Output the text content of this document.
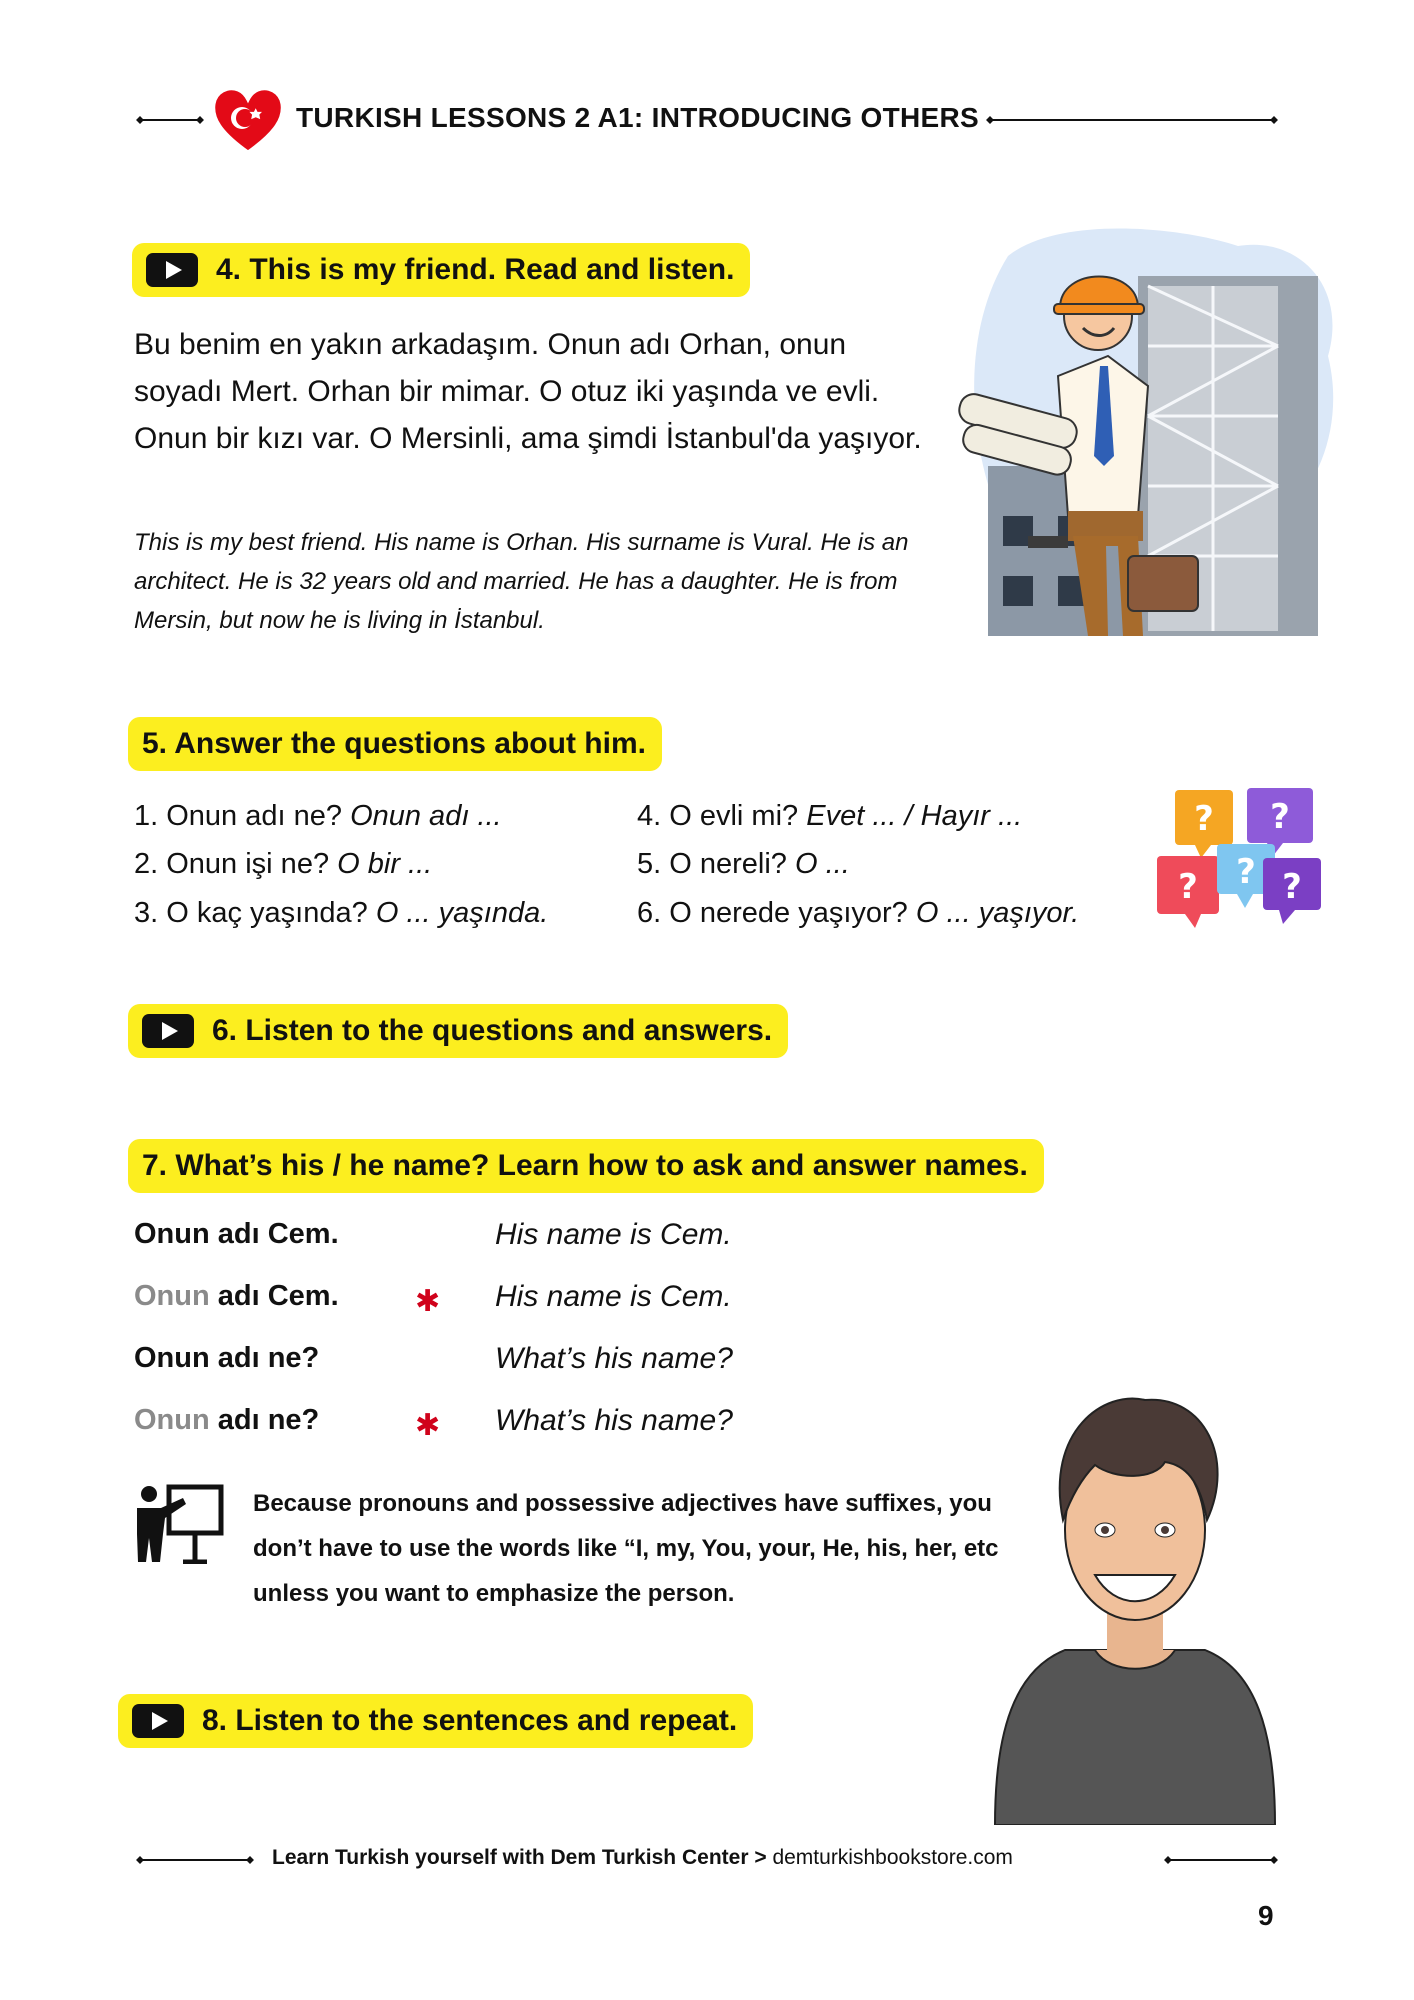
TURKISH LESSONS 2 A1: INTRODUCING OTHERS
4. This is my friend. Read and listen.
Bu benim en yakın arkadaşım. Onun adı Orhan, onun soyadı Mert. Orhan bir mimar. O otuz iki yaşında ve evli. Onun bir kızı var. O Mersinli, ama şimdi İstanbul'da yaşıyor.
This is my best friend. His name is Orhan. His surname is Vural. He is an architect. He is 32 years old and married. He has a daughter. He is from Mersin, but now he is living in İstanbul.
5. Answer the questions about him.
1. Onun adı ne? Onun adı ...
2. Onun işi ne? O bir ...
3. O kaç yaşında? O ... yaşında.
4. O evli mi? Evet ... / Hayır ...
5. O nereli? O ...
6. O nerede yaşıyor? O ... yaşıyor.
? ?
? ? ?
6. Listen to the questions and answers.
7. What’s his / he name? Learn how to ask and answer names.
Onun adı Cem.	His name is Cem.
Onun adı Cem.	✱ His name is Cem.
Onun adı ne?	What’s his name?
Onun adı ne?	✱ What’s his name?
Because pronouns and possessive adjectives have suffixes, you don’t have to use the words like “I, my, You, your, He, his, her, etc unless you want to emphasize the person.
8. Listen to the sentences and repeat.
Learn Turkish yourself with Dem Turkish Center > demturkishbookstore.com
9
